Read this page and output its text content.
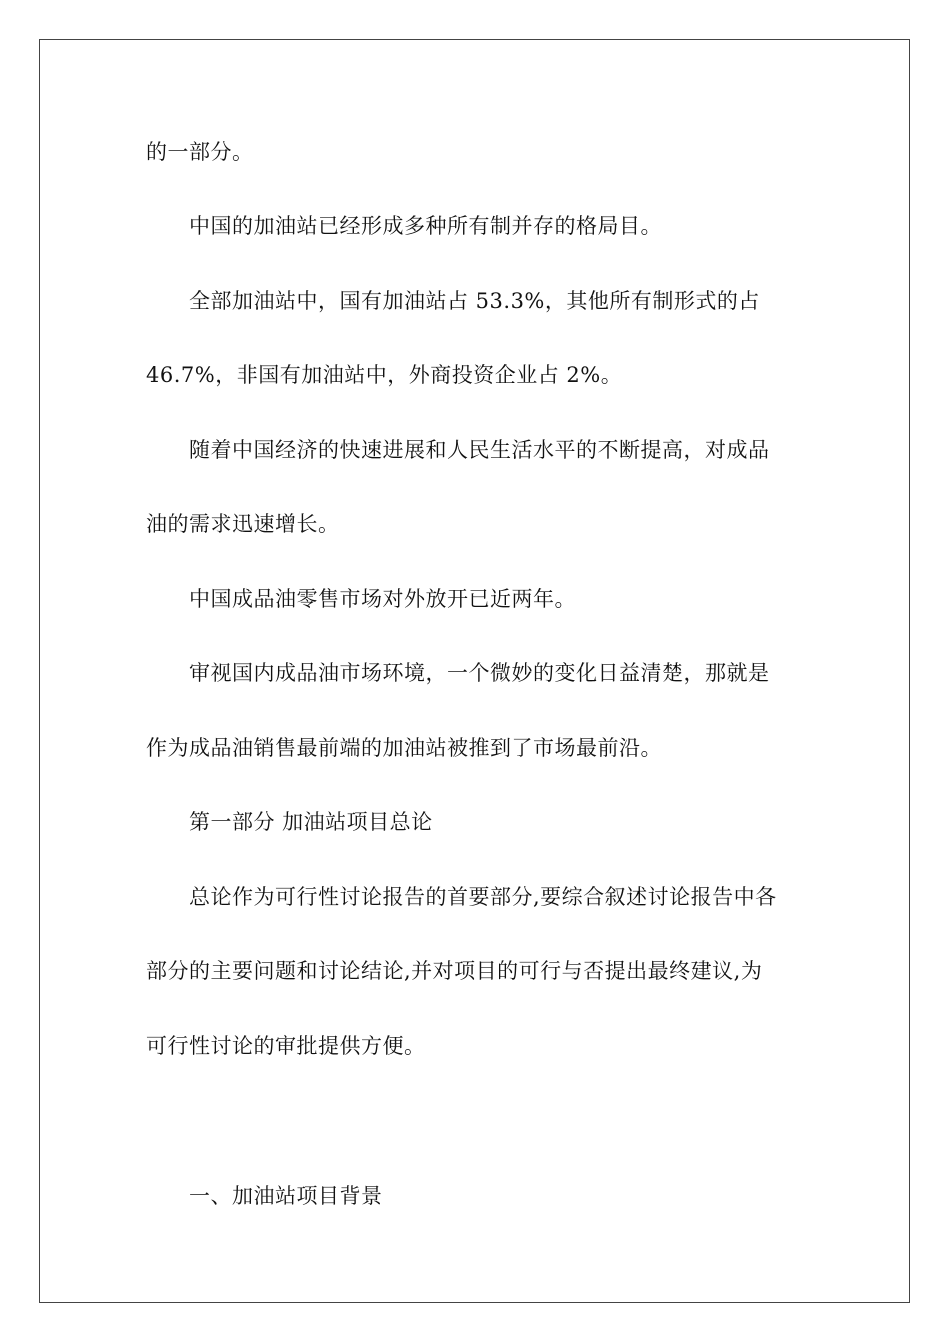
的一部分。
中国的加油站已经形成多种所有制并存的格局目。
全部加油站中，国有加油站占 53.3%，其他所有制形式的占
46.7%，非国有加油站中，外商投资企业占 2%。
随着中国经济的快速进展和人民生活水平的不断提高，对成品
油的需求迅速增长。
中国成品油零售市场对外放开已近两年。
审视国内成品油市场环境，一个微妙的变化日益清楚，那就是
作为成品油销售最前端的加油站被推到了市场最前沿。
第一部分 加油站项目总论
总论作为可行性讨论报告的首要部分,要综合叙述讨论报告中各
部分的主要问题和讨论结论,并对项目的可行与否提出最终建议,为
可行性讨论的审批提供方便。
一、加油站项目背景
